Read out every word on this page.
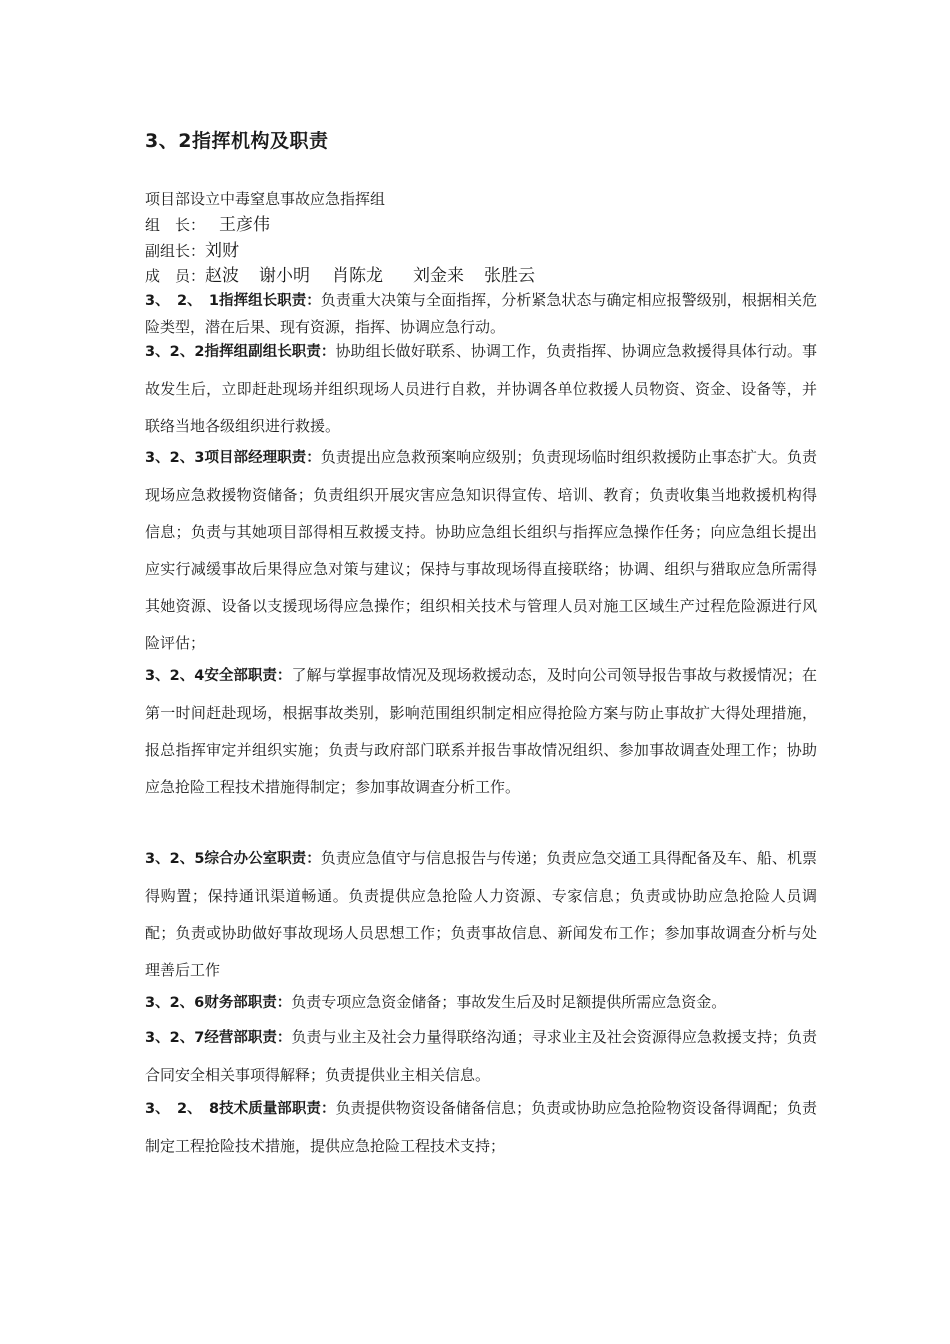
3、2指挥机构及职责
项目部设立中毒窒息事故应急指挥组
组　长： 王彦伟
副组长：刘财
成　员：赵波 谢小明 肖陈龙 刘金来 张胜云
3、　2、　1指挥组长职责：负责重大决策与全面指挥，分析紧急状态与确定相应报警级别，根据相关危险类型，潜在后果、现有资源，指挥、协调应急行动。
3、2、2指挥组副组长职责：协助组长做好联系、协调工作，负责指挥、协调应急救援得具体行动。事故发生后，立即赶赴现场并组织现场人员进行自救，并协调各单位救援人员物资、资金、设备等，并联络当地各级组织进行救援。
3、2、3项目部经理职责：负责提出应急救预案响应级别；负责现场临时组织救援防止事态扩大。负责现场应急救援物资储备；负责组织开展灾害应急知识得宣传、培训、教育；负责收集当地救援机构得信息；负责与其她项目部得相互救援支持。协助应急组长组织与指挥应急操作任务；向应急组长提出应实行减缓事故后果得应急对策与建议；保持与事故现场得直接联络；协调、组织与猎取应急所需得其她资源、设备以支援现场得应急操作；组织相关技术与管理人员对施工区域生产过程危险源进行风险评估；
3、2、4安全部职责：了解与掌握事故情况及现场救援动态，及时向公司领导报告事故与救援情况；在第一时间赶赴现场，根据事故类别，影响范围组织制定相应得抢险方案与防止事故扩大得处理措施，报总指挥审定并组织实施；负责与政府部门联系并报告事故情况组织、参加事故调查处理工作；协助应急抢险工程技术措施得制定；参加事故调查分析工作。
3、2、5综合办公室职责：负责应急值守与信息报告与传递；负责应急交通工具得配备及车、船、机票得购置；保持通讯渠道畅通。负责提供应急抢险人力资源、专家信息；负责或协助应急抢险人员调配；负责或协助做好事故现场人员思想工作；负责事故信息、新闻发布工作；参加事故调查分析与处理善后工作
3、2、6财务部职责：负责专项应急资金储备；事故发生后及时足额提供所需应急资金。
3、2、7经营部职责：负责与业主及社会力量得联络沟通；寻求业主及社会资源得应急救援支持；负责合同安全相关事项得解释；负责提供业主相关信息。
3、　2、　8技术质量部职责：负责提供物资设备储备信息；负责或协助应急抢险物资设备得调配；负责制定工程抢险技术措施，提供应急抢险工程技术支持；
